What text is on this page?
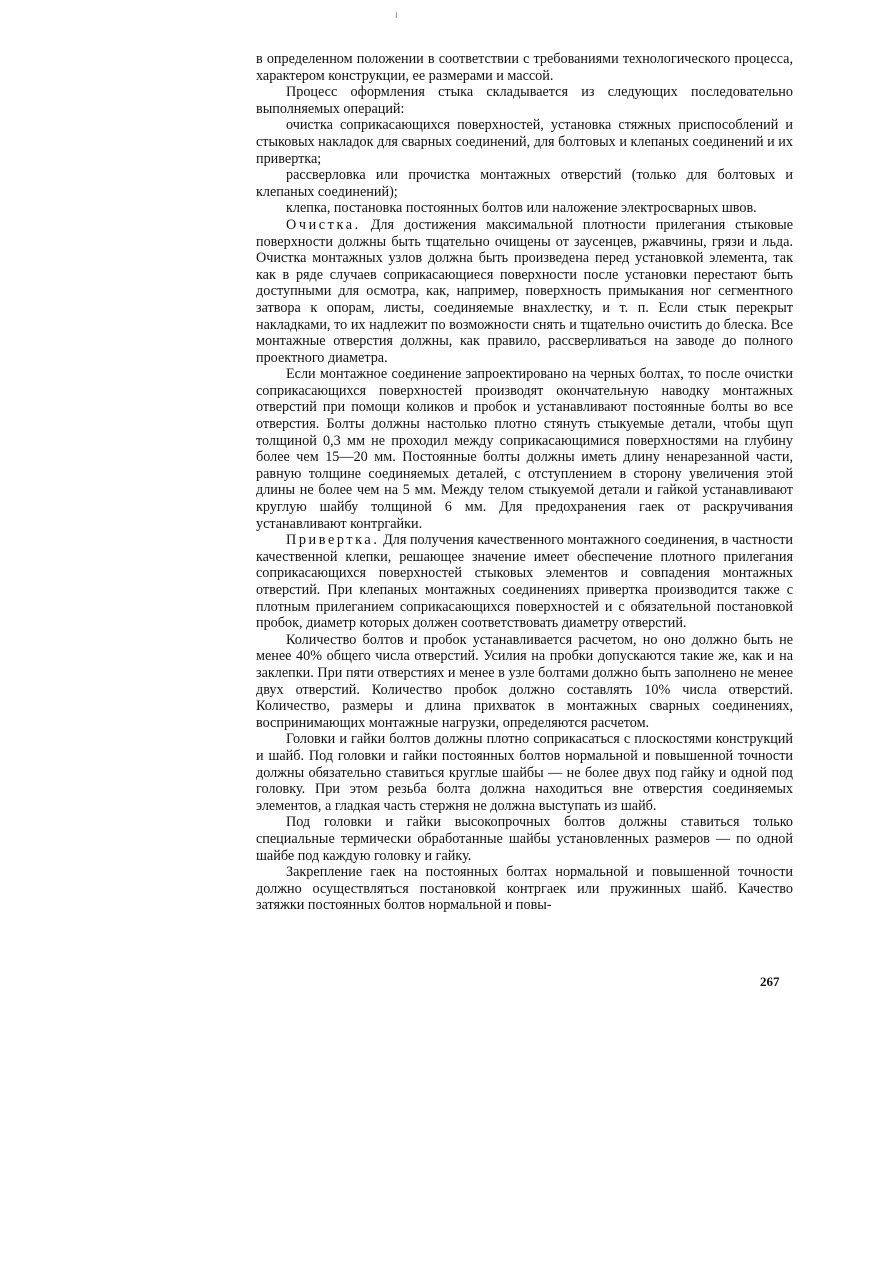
в определенном положении в соответствии с требованиями технологического процесса, характером конструкции, ее размерами и массой.

Процесс оформления стыка складывается из следующих последовательно выполняемых операций:

очистка соприкасающихся поверхностей, установка стяжных приспособлений и стыковых накладок для сварных соединений, для болтовых и клепаных соединений и их привертка;

рассверловка или прочистка монтажных отверстий (только для болтовых и клепаных соединений);

клепка, постановка постоянных болтов или наложение электросварных швов.

Очистка. Для достижения максимальной плотности прилегания стыковые поверхности должны быть тщательно очищены от заусенцев, ржавчины, грязи и льда. Очистка монтажных узлов должна быть произведена перед установкой элемента, так как в ряде случаев соприкасающиеся поверхности после установки перестают быть доступными для осмотра, как, например, поверхность примыкания ног сегментного затвора к опорам, листы, соединяемые внахлестку, и т. п. Если стык перекрыт накладками, то их надлежит по возможности снять и тщательно очистить до блеска. Все монтажные отверстия должны, как правило, рассверливаться на заводе до полного проектного диаметра.

Если монтажное соединение запроектировано на черных болтах, то после очистки соприкасающихся поверхностей производят окончательную наводку монтажных отверстий при помощи коликов и пробок и устанавливают постоянные болты во все отверстия. Болты должны настолько плотно стянуть стыкуемые детали, чтобы щуп толщиной 0,3 мм не проходил между соприкасающимися поверхностями на глубину более чем 15—20 мм. Постоянные болты должны иметь длину ненарезанной части, равную толщине соединяемых деталей, с отступлением в сторону увеличения этой длины не более чем на 5 мм. Между телом стыкуемой детали и гайкой устанавливают круглую шайбу толщиной 6 мм. Для предохранения гаек от раскручивания устанавливают контргайки.

Привертка. Для получения качественного монтажного соединения, в частности качественной клепки, решающее значение имеет обеспечение плотного прилегания соприкасающихся поверхностей стыковых элементов и совпадения монтажных отверстий. При клепаных монтажных соединениях привертка производится также с плотным прилеганием соприкасающихся поверхностей и с обязательной постановкой пробок, диаметр которых должен соответствовать диаметру отверстий.

Количество болтов и пробок устанавливается расчетом, но оно должно быть не менее 40% общего числа отверстий. Усилия на пробки допускаются такие же, как и на заклепки. При пяти отверстиях и менее в узле болтами должно быть заполнено не менее двух отверстий. Количество пробок должно составлять 10% числа отверстий. Количество, размеры и длина прихваток в монтажных сварных соединениях, воспринимающих монтажные нагрузки, определяются расчетом.

Головки и гайки болтов должны плотно соприкасаться с плоскостями конструкций и шайб. Под головки и гайки постоянных болтов нормальной и повышенной точности должны обязательно ставиться круглые шайбы — не более двух под гайку и одной под головку. При этом резьба болта должна находиться вне отверстия соединяемых элементов, а гладкая часть стержня не должна выступать из шайб.

Под головки и гайки высокопрочных болтов должны ставиться только специальные термически обработанные шайбы установленных размеров — по одной шайбе под каждую головку и гайку.

Закрепление гаек на постоянных болтах нормальной и повышенной точности должно осуществляться постановкой контргаек или пружинных шайб. Качество затяжки постоянных болтов нормальной и повы-

267
